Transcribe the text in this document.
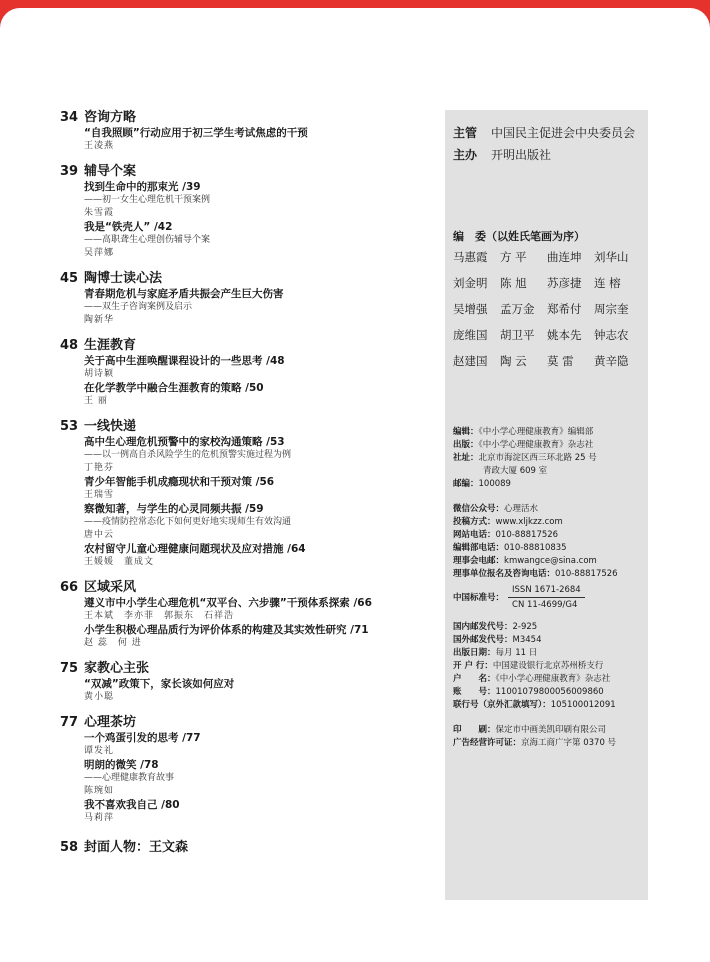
34 咨询方略
“自我照顾”行动应用于初三学生考试焦虑的干预
王凌燕
39 辅导个案
找到生命中的那束光 /39
——初一女生心理危机干预案例
朱雪霞
我是“铁壳人” /42
——高职聋生心理创伤辅导个案
吴萍娜
45 陶博士读心法
青春期危机与家庭矛盾共振会产生巨大伤害
——双生子咨询案例及启示
陶新华
48 生涯教育
关于高中生涯唤醒课程设计的一些思考 /48
胡诗颖
在化学教学中融合生涯教育的策略 /50
王 丽
53 一线快递
高中生心理危机预警中的家校沟通策略 /53
——以一例高自杀风险学生的危机预警实施过程为例
丁艳芬
青少年智能手机成瘾现状和干预对策 /56
王瑞雪
察微知著，与学生的心灵同频共振 /59
——疫情防控常态化下如何更好地实现师生有效沟通
唐中云
农村留守儿童心理健康问题现状及应对措施 /64
王媛媛　董成文
66 区域采风
遵义市中小学生心理危机“双平台、六步骤”干预体系探索 /66
王本斌　李亦菲　郭振东　石祥浩
小学生积极心理品质行为评价体系的构建及其实效性研究 /71
赵 蕊　何 进
75 家教心主张
“双减”政策下，家长该如何应对
黄小聪
77 心理茶坊
一个鸡蛋引发的思考 /77
谭发礼
明朗的微笑 /78
——心理健康教育故事
陈琬如
我不喜欢我自己 /80
马莉萍
58 封面人物：王文森
主管 中国民主促进会中央委员会
主办 开明出版社
编　委（以姓氏笔画为序）
马惠霞	方 平	曲连坤	刘华山
刘金明	陈 旭	苏彦捷	连 榕
吴增强	孟万金	郑希付	周宗奎
庞维国	胡卫平	姚本先	钟志农
赵建国	陶 云	莫 雷	黄辛隐
编辑：《中小学心理健康教育》编辑部
出版：《中小学心理健康教育》杂志社
社址：北京市海淀区西三环北路 25 号
青政大厦 609 室
邮编：100089
微信公众号：心理活水
投稿方式：www.xljkzz.com
网站电话：010-88817526
编辑部电话：010-88810835
理事会电邮：kmwangce@sina.com
理事单位报名及咨询电话：010-88817526
中国标准号：
ISSN 1671-2684
CN 11-4699/G4
国内邮发代号：2-925
国外邮发代号：M3454
出版日期：每月 11 日
开 户 行：中国建设银行北京苏州桥支行
户　　名：《中小学心理健康教育》杂志社
账　　号：11001079800056009860
联行号（京外汇款填写）：105100012091
印　　刷：保定市中画美凯印刷有限公司
广告经营许可证：京海工商广字第 0370 号
